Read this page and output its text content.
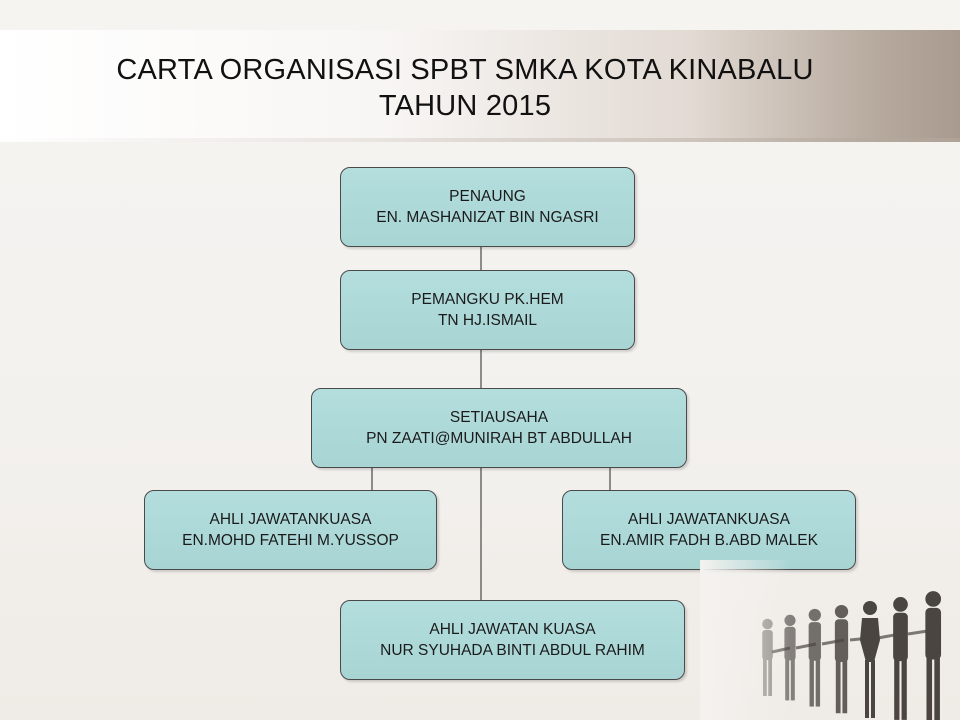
CARTA ORGANISASI SPBT SMKA KOTA KINABALU
TAHUN 2015
PENAUNG
EN. MASHANIZAT BIN NGASRI
PEMANGKU PK.HEM
TN HJ.ISMAIL
SETIAUSAHA
PN ZAATI@MUNIRAH BT ABDULLAH
AHLI JAWATANKUASA
EN.MOHD FATEHI M.YUSSOP
AHLI JAWATANKUASA
EN.AMIR FADH B.ABD MALEK
AHLI JAWATAN KUASA
NUR SYUHADA BINTI ABDUL RAHIM
